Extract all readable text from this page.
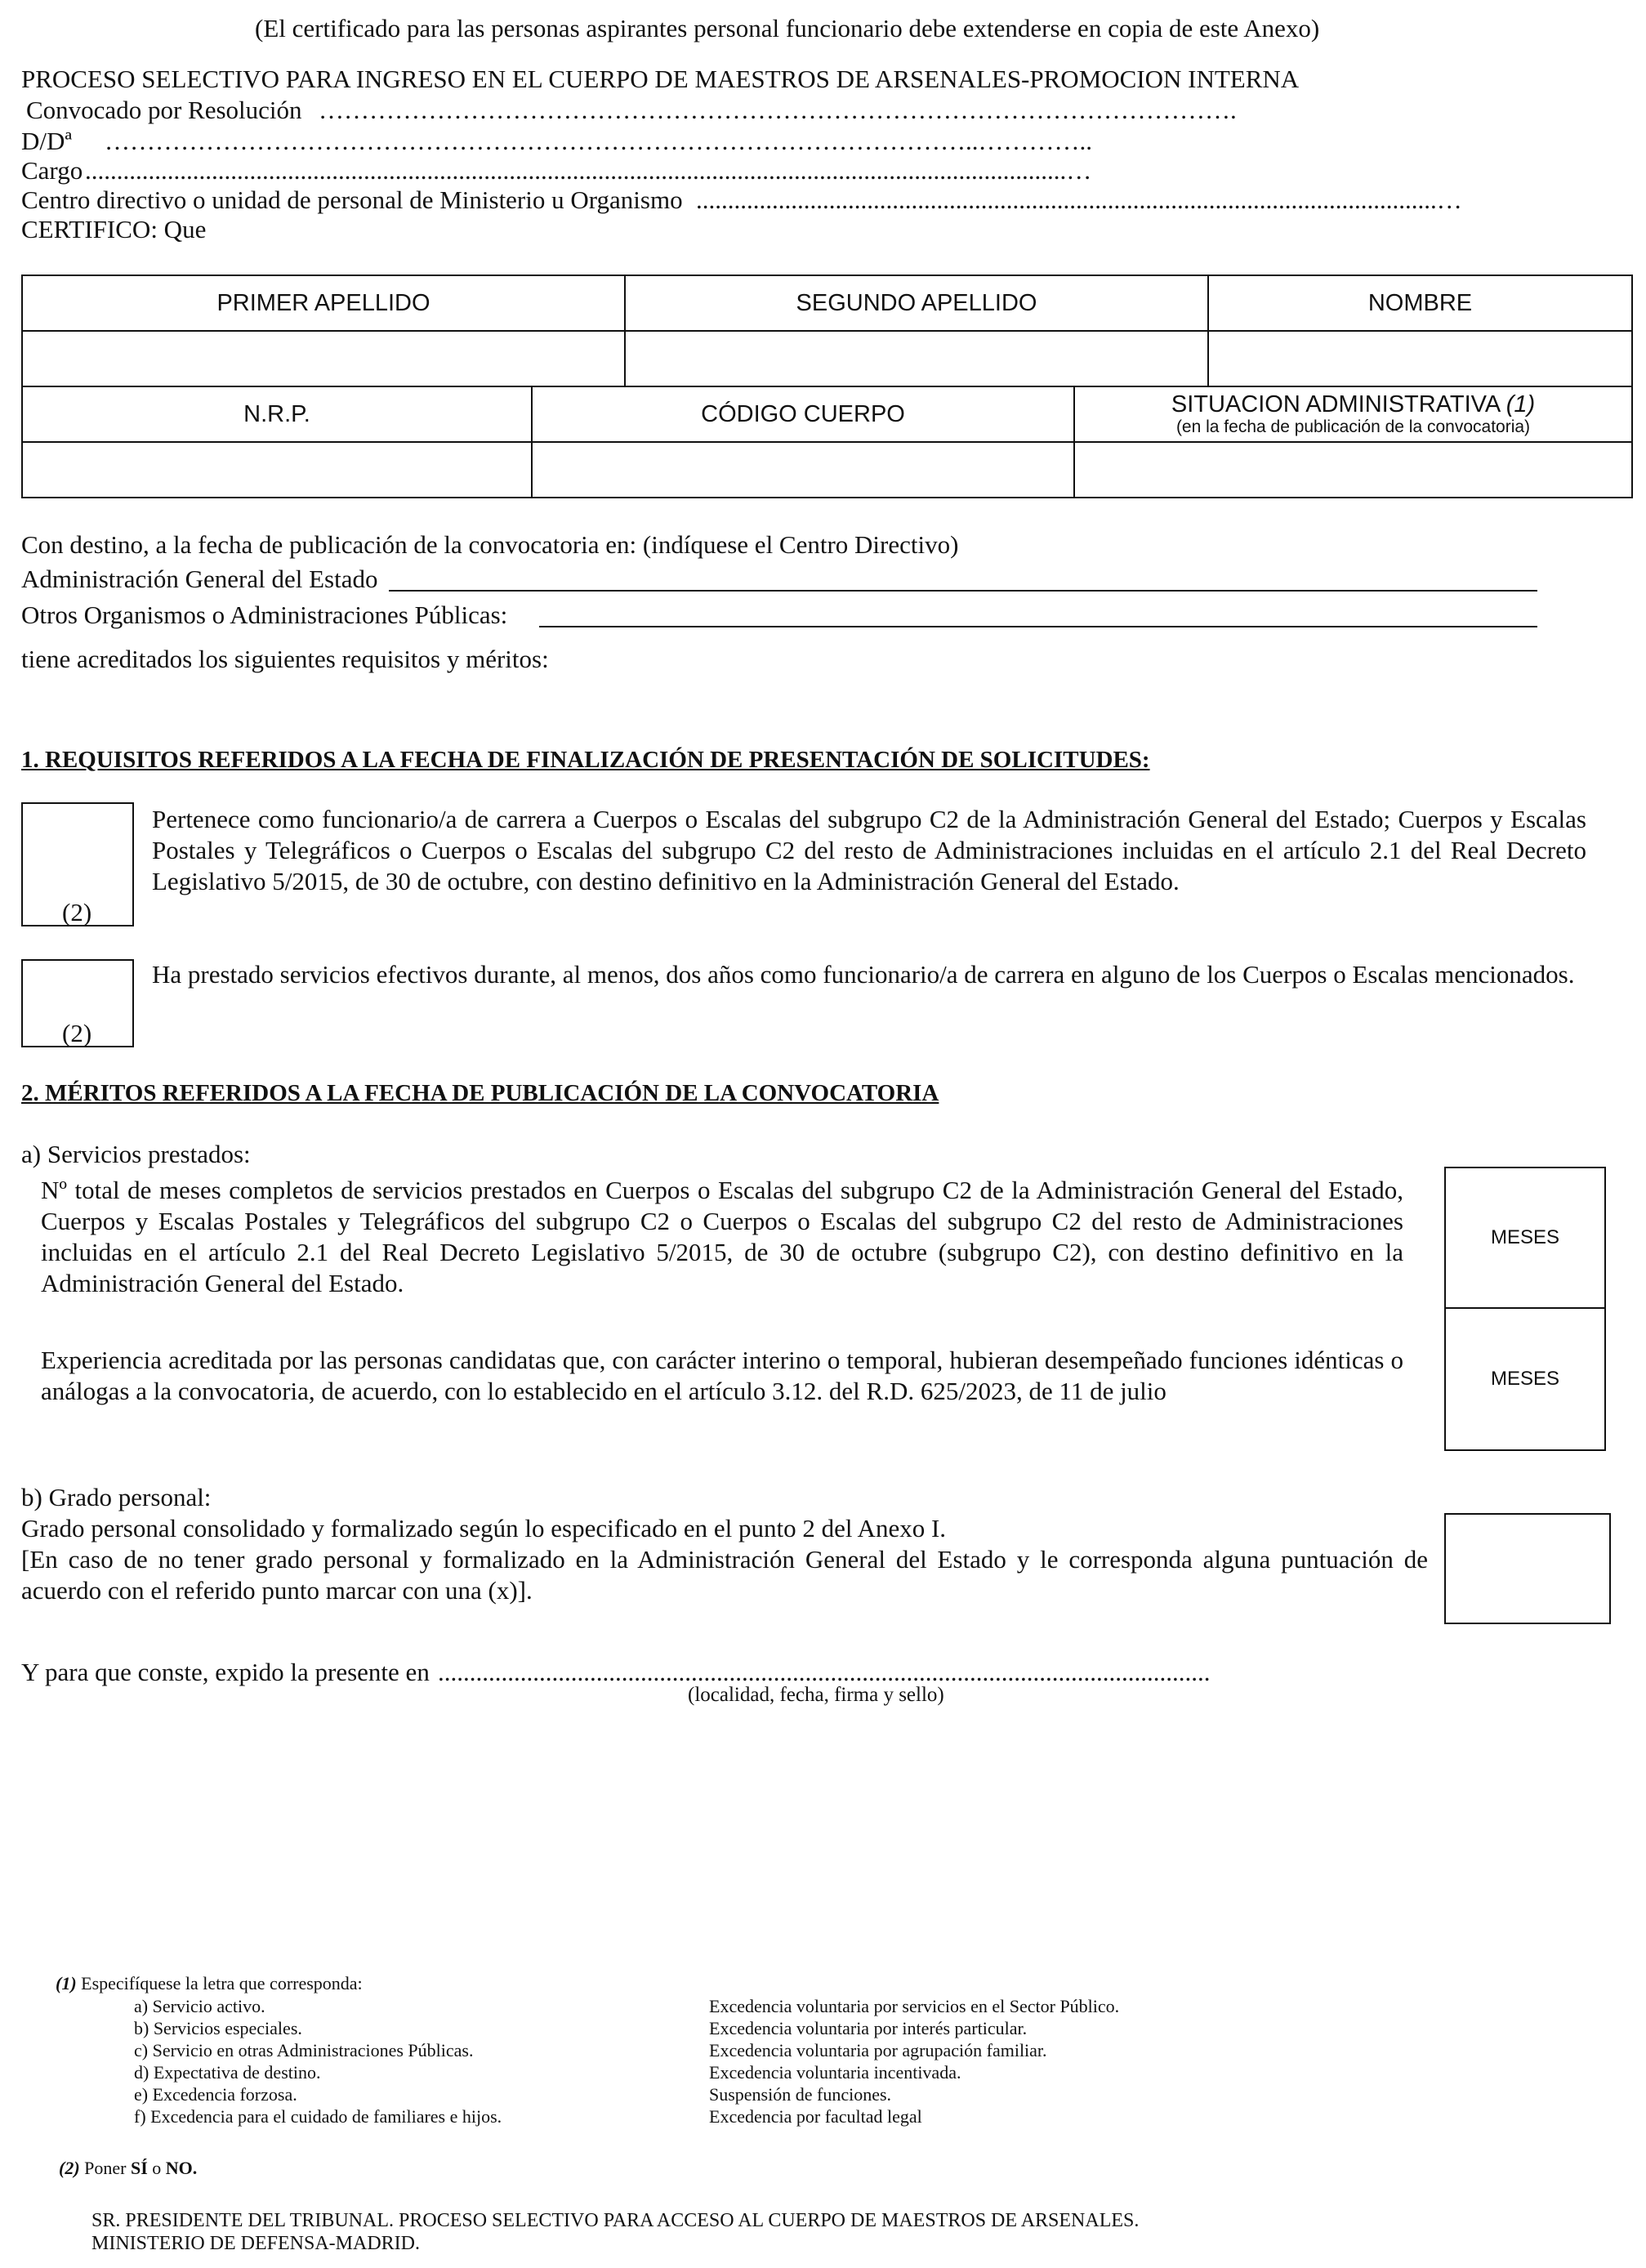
(El certificado para las personas aspirantes personal funcionario debe extenderse en copia de este Anexo)
PROCESO SELECTIVO PARA INGRESO EN EL CUERPO DE MAESTROS DE ARSENALES-PROMOCION INTERNA
Convocado por Resolución ……………………………………………………………………………………………….
D/Dª …………………………………………………………………………………………..…………..
Cargo ...........................................................................................................................................................…
Centro directivo o unidad de personal de Ministerio u Organismo .....................................................................................................................…
CERTIFICO: Que
PRIMER APELLIDO	SEGUNDO APELLIDO	NOMBRE
N.R.P.	CÓDIGO CUERPO	SITUACION ADMINISTRATIVA (1)
(en la fecha de publicación de la convocatoria)
Con destino, a la fecha de publicación de la convocatoria en: (indíquese el Centro Directivo)
Administración General del Estado
Otros Organismos o Administraciones Públicas:
tiene acreditados los siguientes requisitos y méritos:
1. REQUISITOS REFERIDOS A LA FECHA DE FINALIZACIÓN DE PRESENTACIÓN DE SOLICITUDES:
(2)
Pertenece como funcionario/a de carrera a Cuerpos o Escalas del subgrupo C2 de la Administración General del Estado; Cuerpos y Escalas Postales y Telegráficos o Cuerpos o Escalas del subgrupo C2 del resto de Administraciones incluidas en el artículo 2.1 del Real Decreto Legislativo 5/2015, de 30 de octubre, con destino definitivo en la Administración General del Estado.
(2)
Ha prestado servicios efectivos durante, al menos, dos años como funcionario/a de carrera en alguno de los Cuerpos o Escalas mencionados.
2. MÉRITOS REFERIDOS A LA FECHA DE PUBLICACIÓN DE LA CONVOCATORIA
a) Servicios prestados:
Nº total de meses completos de servicios prestados en Cuerpos o Escalas del subgrupo C2 de la Administración General del Estado, Cuerpos y Escalas Postales y Telegráficos del subgrupo C2 o Cuerpos o Escalas del subgrupo C2 del resto de Administraciones incluidas en el artículo 2.1 del Real Decreto Legislativo 5/2015, de 30 de octubre (subgrupo C2), con destino definitivo en la Administración General del Estado.
Experiencia acreditada por las personas candidatas que, con carácter interino o temporal, hubieran desempeñado funciones idénticas o análogas a la convocatoria, de acuerdo, con lo establecido en el artículo 3.12. del R.D. 625/2023, de 11 de julio
MESES
MESES
b) Grado personal:
Grado personal consolidado y formalizado según lo especificado en el punto 2 del Anexo I.
[En caso de no tener grado personal y formalizado en la Administración General del Estado y le corresponda alguna puntuación de acuerdo con el referido punto marcar con una (x)].
Y para que conste, expido la presente en ..........................................................................................................................
(localidad, fecha, firma y sello)
(1) Especifíquese la letra que corresponda:
a) Servicio activo.
b) Servicios especiales.
c) Servicio en otras Administraciones Públicas.
d) Expectativa de destino.
e) Excedencia forzosa.
f) Excedencia para el cuidado de familiares e hijos.
Excedencia voluntaria por servicios en el Sector Público.
Excedencia voluntaria por interés particular.
Excedencia voluntaria por agrupación familiar.
Excedencia voluntaria incentivada.
Suspensión de funciones.
Excedencia por facultad legal
(2) Poner SÍ o NO.
SR. PRESIDENTE DEL TRIBUNAL. PROCESO SELECTIVO PARA ACCESO AL CUERPO DE MAESTROS DE ARSENALES.
MINISTERIO DE DEFENSA-MADRID.
